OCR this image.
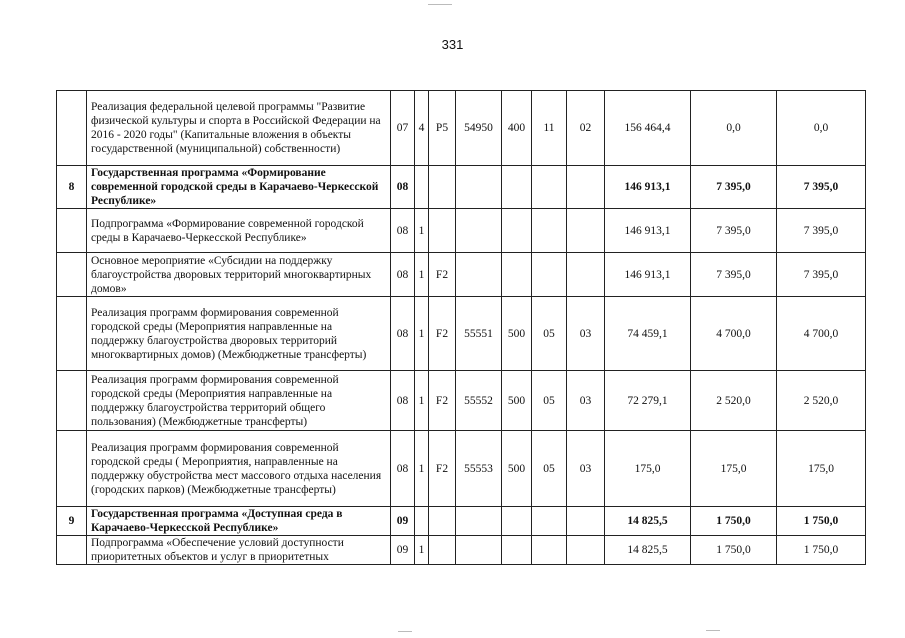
331
	Реализация федеральной целевой программы "Развитие физической культуры и спорта в Российской Федерации на 2016 - 2020 годы" (Капитальные вложения в объекты государственной (муниципальной) собственности)	07	4	P5	54950	400	11	02	156 464,4	0,0	0,0
8	Государственная программа «Формирование современной городской среды в Карачаево-Черкесской Республике»	08							146 913,1	7 395,0	7 395,0
	Подпрограмма «Формирование современной городской среды в Карачаево-Черкесской Республике»	08	1						146 913,1	7 395,0	7 395,0
	Основное мероприятие «Субсидии на поддержку благоустройства дворовых территорий многоквартирных домов»	08	1	F2					146 913,1	7 395,0	7 395,0
	Реализация программ формирования современной городской среды (Мероприятия направленные на поддержку благоустройства дворовых территорий многоквартирных домов) (Межбюджетные трансферты)	08	1	F2	55551	500	05	03	74 459,1	4 700,0	4 700,0
	Реализация программ формирования современной городской среды (Мероприятия направленные на поддержку благоустройства территорий общего пользования) (Межбюджетные трансферты)	08	1	F2	55552	500	05	03	72 279,1	2 520,0	2 520,0
	Реализация программ формирования современной городской среды ( Мероприятия, направленные на поддержку обустройства мест массового отдыха населения (городских парков) (Межбюджетные трансферты)	08	1	F2	55553	500	05	03	175,0	175,0	175,0
9	Государственная программа «Доступная среда в Карачаево-Черкесской Республике»	09							14 825,5	1 750,0	1 750,0
	Подпрограмма «Обеспечение условий доступности приоритетных объектов и услуг в приоритетных	09	1						14 825,5	1 750,0	1 750,0
